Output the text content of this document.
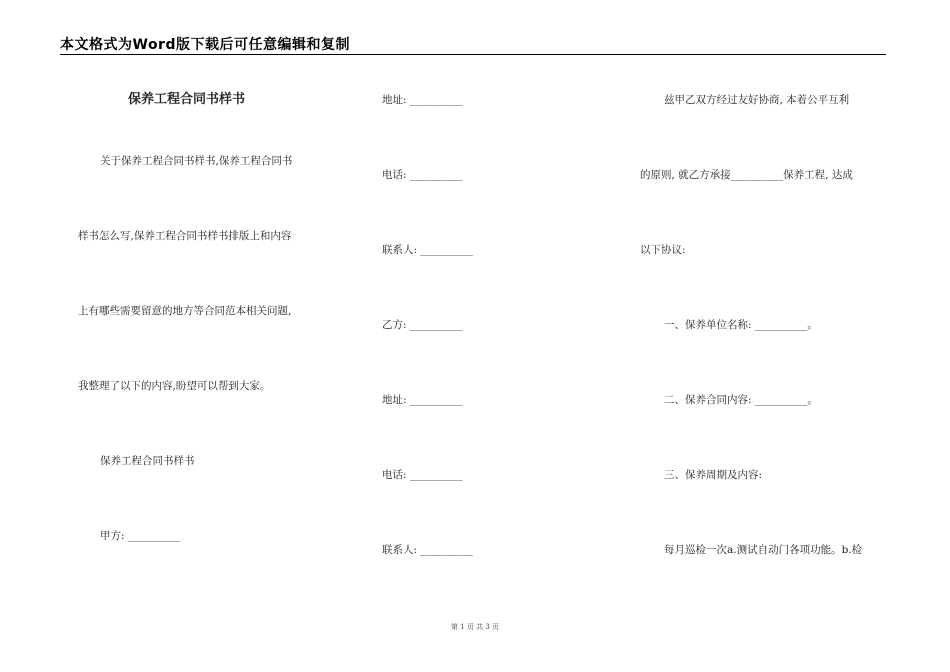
本文格式为Word版下载后可任意编辑和复制
保养工程合同书样书
关于保养工程合同书样书,保养工程合同书
样书怎么写,保养工程合同书样书排版上和内容
上有哪些需要留意的地方等合同范本相关问题,
我整理了以下的内容,盼望可以帮到大家。
保养工程合同书样书
甲方: __________
地址: __________
电话: __________
联系人: __________
乙方: __________
地址: __________
电话: __________
联系人: __________
兹甲乙双方经过友好协商, 本着公平互利
的原则, 就乙方承接__________保养工程, 达成
以下协议:
一、保养单位名称: __________。
二、保养合同内容: __________。
三、保养周期及内容:
每月巡检一次a.测试自动门各项功能。b.检
第 1 页 共 3 页
